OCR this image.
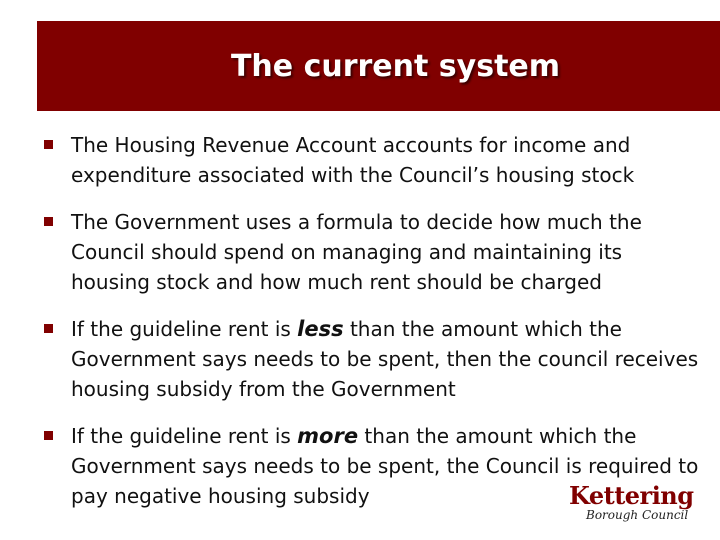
The current system
The Housing Revenue Account accounts for income and expenditure associated with the Council’s housing stock
The Government uses a formula to decide how much the Council should spend on managing and maintaining its housing stock and how much rent should be charged
If the guideline rent is less than the amount which the Government says needs to be spent, then the council receives housing subsidy from the Government
If the guideline rent is more than the amount which the Government says needs to be spent, the Council is required to pay negative housing subsidy	Kettering
Borough Council
